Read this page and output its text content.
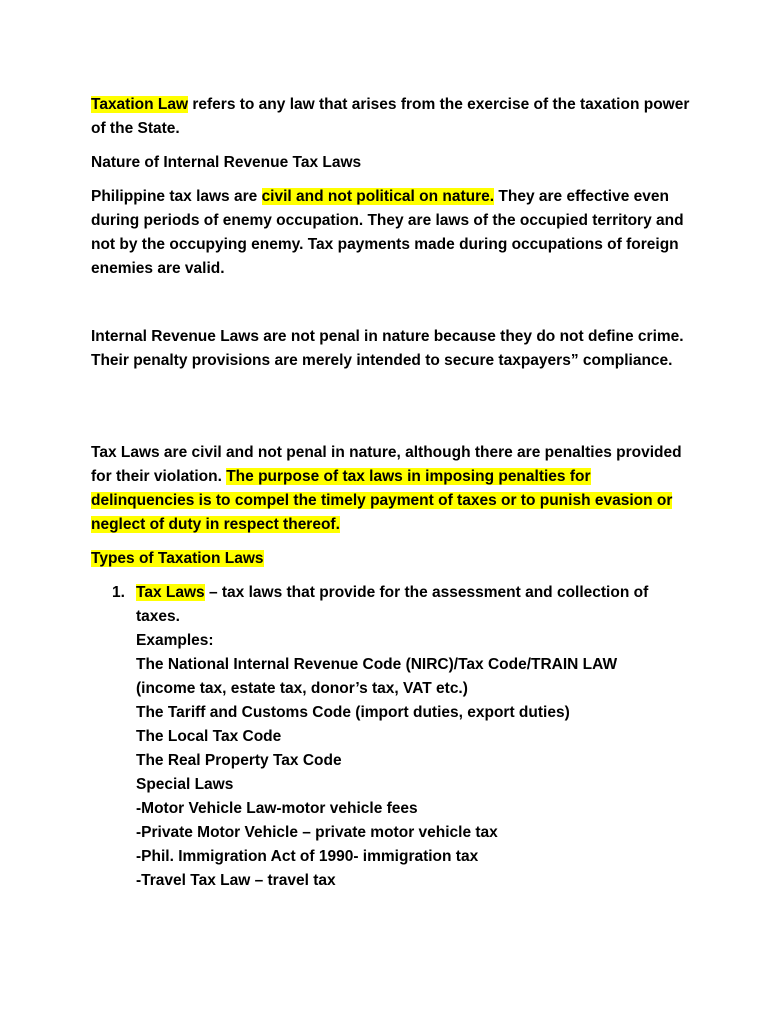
Taxation Law refers to any law that arises from the exercise of the taxation power of the State.

Nature of Internal Revenue Tax Laws

Philippine tax laws are civil and not political on nature. They are effective even during periods of enemy occupation. They are laws of the occupied territory and not by the occupying enemy. Tax payments made during occupations of foreign enemies are valid.

Internal Revenue Laws are not penal in nature because they do not define crime. Their penalty provisions are merely intended to secure taxpayers” compliance.

Tax Laws are civil and not penal in nature, although there are penalties provided for their violation. The purpose of tax laws in imposing penalties for delinquencies is to compel the timely payment of taxes or to punish evasion or neglect of duty in respect thereof.

Types of Taxation Laws

1. Tax Laws – tax laws that provide for the assessment and collection of taxes.
Examples:
The National Internal Revenue Code (NIRC)/Tax Code/TRAIN LAW
(income tax, estate tax, donor’s tax, VAT etc.)
The Tariff and Customs Code (import duties, export duties)
The Local Tax Code
The Real Property Tax Code
Special Laws
-Motor Vehicle Law-motor vehicle fees
-Private Motor Vehicle – private motor vehicle tax
-Phil. Immigration Act of 1990- immigration tax
-Travel Tax Law – travel tax
